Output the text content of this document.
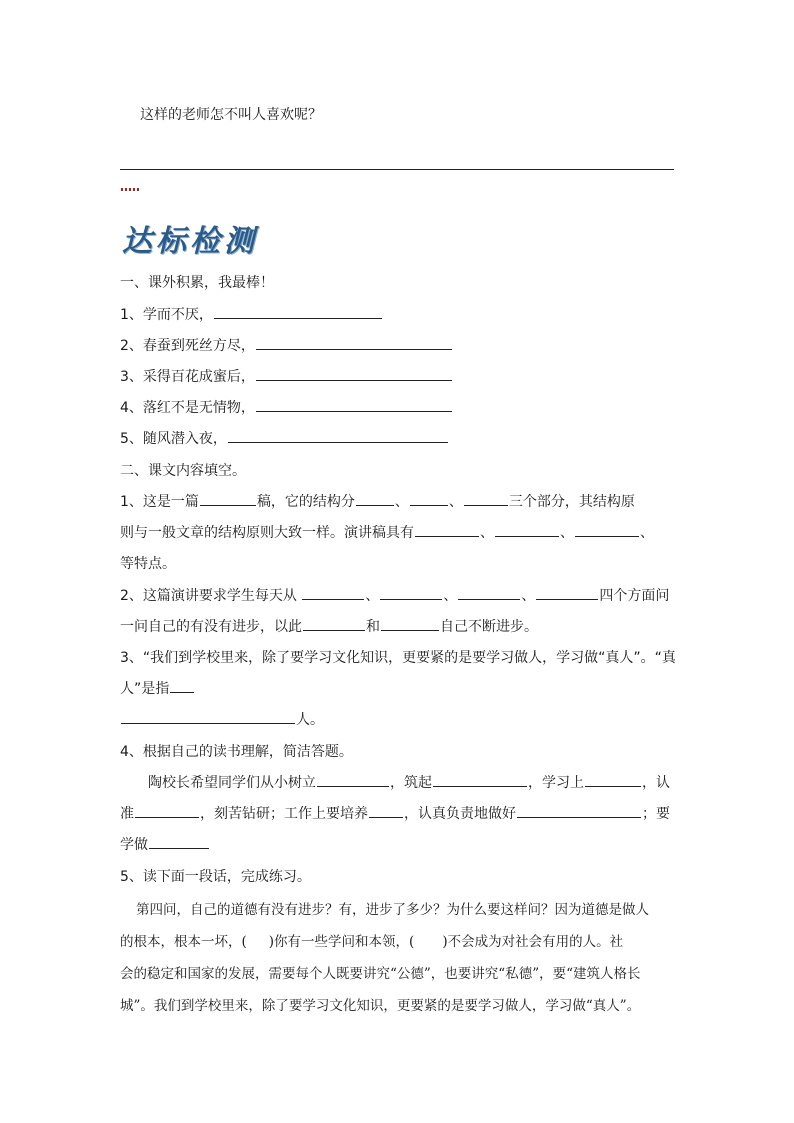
这样的老师怎不叫人喜欢呢？
达标检测
一、课外积累，我最棒！
1、学而不厌，
2、春蚕到死丝方尽，
3、采得百花成蜜后，
4、落红不是无情物，
5、随风潜入夜，
二、课文内容填空。
1、这是一篇	稿，它的结构分	、	、	三个部分，其结构原
则与一般文章的结构原则大致一样。演讲稿具有	、	、	、
等特点。
2、这篇演讲要求学生每天从	、	、	、	四个方面问
一问自己的有没有进步，以此	和	自己不断进步。
3、“我们到学校里来，除了要学习文化知识，更要紧的是要学习做人，学习做“真人”。“真
人”是指
人。
4、根据自己的读书理解，简洁答题。
陶校长希望同学们从小树立	，筑起	，学习上	，认
准	，刻苦钻研；工作上要培养	，认真负责地做好	；要
学做
5、读下面一段话，完成练习。
第四问，自己的道德有没有进步？有，进步了多少？为什么要这样问？因为道德是做人
的根本，根本一坏，( )你有一些学问和本领，( )不会成为对社会有用的人。社
会的稳定和国家的发展，需要每个人既要讲究“公德”，也要讲究“私德”，要“建筑人格长
城”。我们到学校里来，除了要学习文化知识，更要紧的是要学习做人，学习做“真人”。
